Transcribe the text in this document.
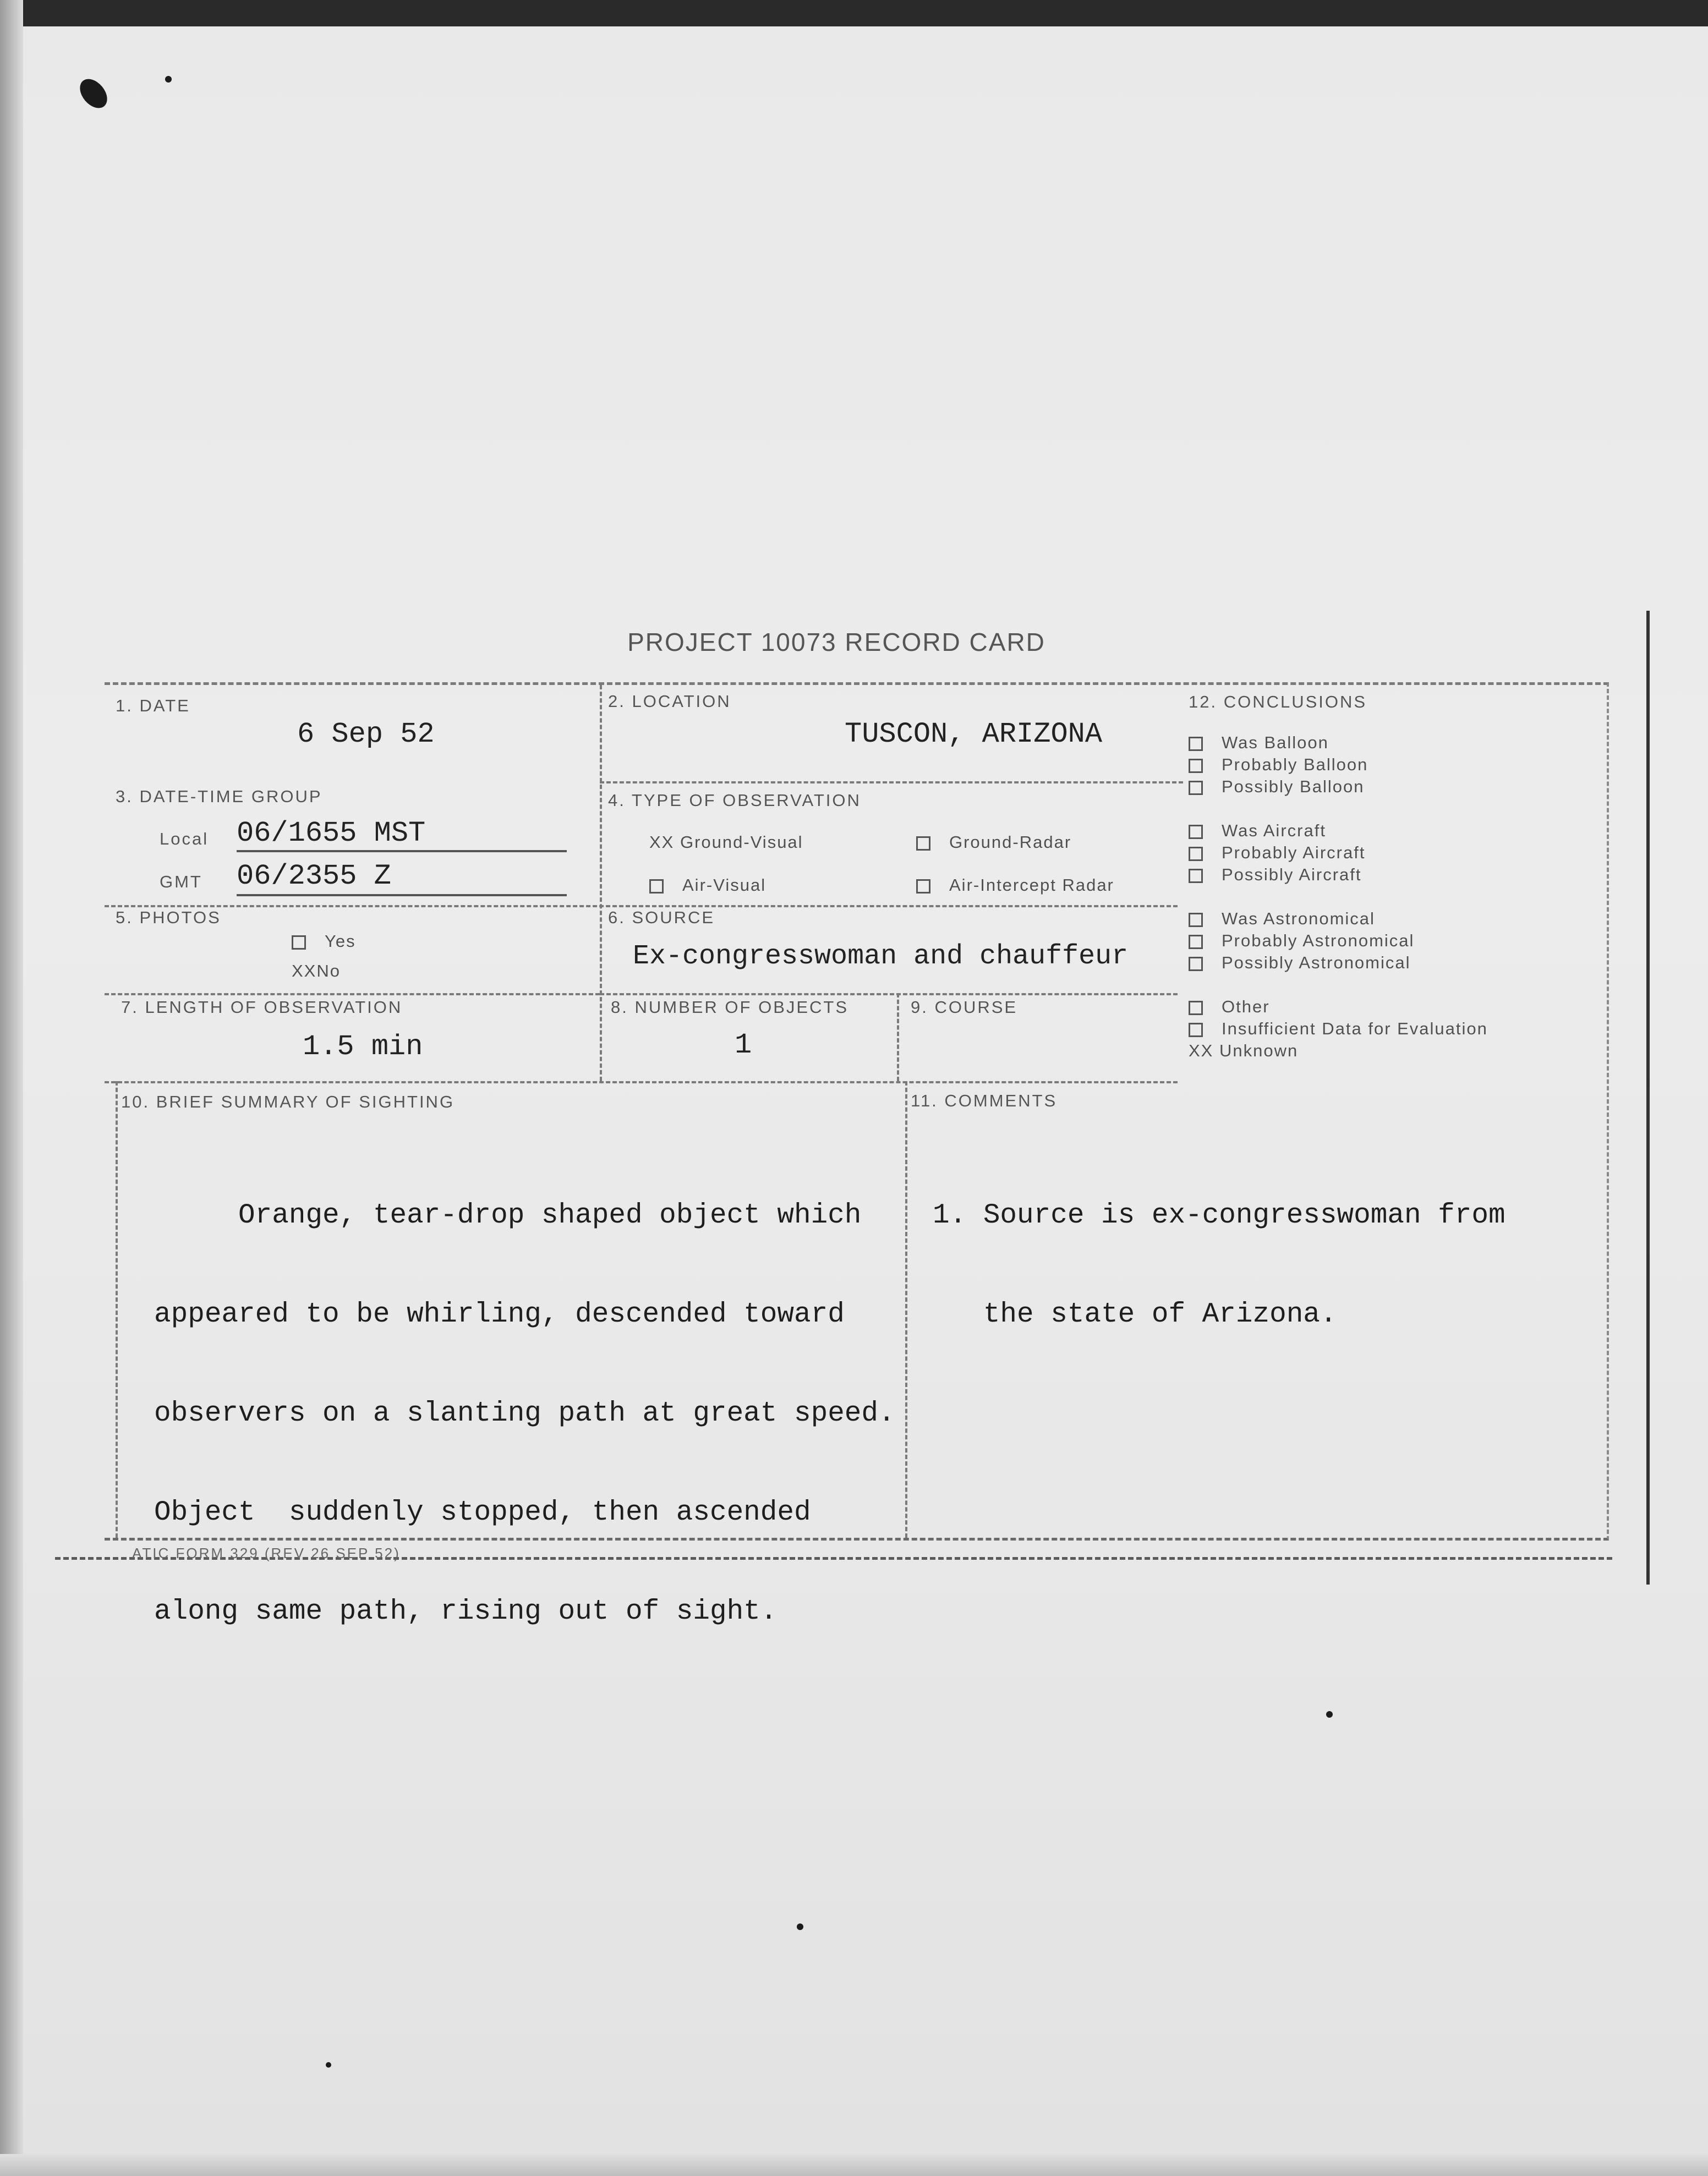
PROJECT 10073 RECORD CARD
1. DATE
6 Sep 52
2. LOCATION
TUSCON, ARIZONA
3. DATE-TIME GROUP
Local 06/1655 MST
GMT 06/2355 Z
4. TYPE OF OBSERVATION
XX Ground-Visual	Ground-Radar
Air-Visual	Air-Intercept Radar
5. PHOTOS
Yes
XXNo
6. SOURCE
Ex-congresswoman and chauffeur
7. LENGTH OF OBSERVATION
1.5 min
8. NUMBER OF OBJECTS
1
9. COURSE
10. BRIEF SUMMARY OF SIGHTING

Orange, tear-drop shaped object which

appeared to be whirling, descended toward

observers on a slanting path at great speed.

Object  suddenly stopped, then ascended

along same path, rising out of sight.

11. COMMENTS

1. Source is ex-congresswoman from

the state of Arizona.

12. CONCLUSIONS
Was Balloon
Probably Balloon
Possibly Balloon
Was Aircraft
Probably Aircraft
Possibly Aircraft
Was Astronomical
Probably Astronomical
Possibly Astronomical
Other
Insufficient Data for Evaluation
XX Unknown
ATIC FORM 329 (REV 26 SEP 52)
